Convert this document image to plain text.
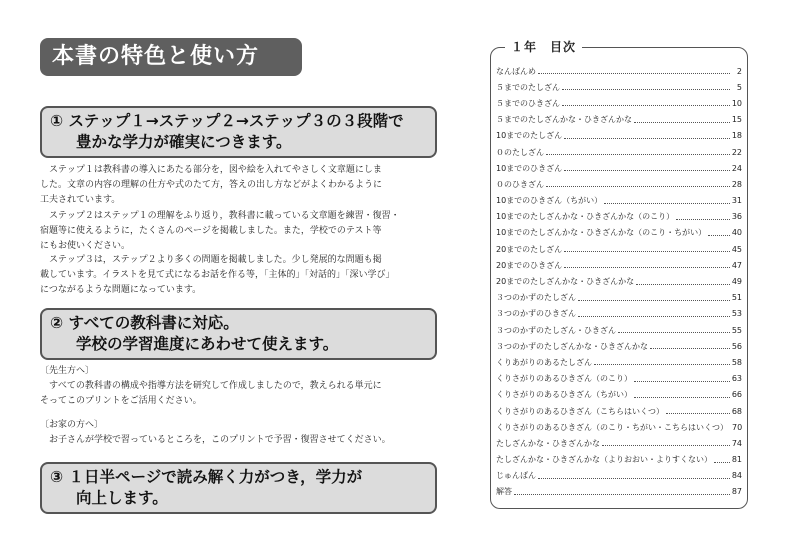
本書の特色と使い方
① ステップ１→ステップ２→ステップ３の３段階で
豊かな学力が確実につきます。
ステップ１は教科書の導入にあたる部分を，図や絵を入れてやさしく文章題にしま
した。文章の内容の理解の仕方や式のたて方，答えの出し方などがよくわかるように
工夫されています。
ステップ２はステップ１の理解をふり返り，教科書に載っている文章題を練習・復習・
宿題等に使えるように，たくさんのページを掲載しました。また，学校でのテスト等
にもお使いください。
ステップ３は，ステップ２より多くの問題を掲載しました。少し発展的な問題も掲
載しています。イラストを見て式になるお話を作る等，「主体的」「対話的」「深い学び」
につながるような問題になっています。
② すべての教科書に対応。
学校の学習進度にあわせて使えます。
〔先生方へ〕
すべての教科書の構成や指導方法を研究して作成しましたので，教えられる単元に
そってこのプリントをご活用ください。
〔お家の方へ〕
お子さんが学校で習っているところを，このプリントで予習・復習させてください。
③ １日半ページで読み解く力がつき，学力が
向上します。
１年　目次
なんばんめ	2
５までのたしざん	5
５までのひきざん	10
５までのたしざんかな・ひきざんかな	15
10までのたしざん	18
０のたしざん	22
10までのひきざん	24
０のひきざん	28
10までのひきざん（ちがい）	31
10までのたしざんかな・ひきざんかな（のこり）	36
10までのたしざんかな・ひきざんかな（のこり・ちがい）	40
20までのたしざん	45
20までのひきざん	47
20までのたしざんかな・ひきざんかな	49
３つのかずのたしざん	51
３つのかずのひきざん	53
３つのかずのたしざん・ひきざん	55
３つのかずのたしざんかな・ひきざんかな	56
くりあがりのあるたしざん	58
くりさがりのあるひきざん（のこり）	63
くりさがりのあるひきざん（ちがい）	66
くりさがりのあるひきざん（こちらはいくつ）	68
くりさがりのあるひきざん（のこり・ちがい・こちらはいくつ） 70
たしざんかな・ひきざんかな	74
たしざんかな・ひきざんかな（よりおおい・よりすくない） 81
じゅんばん	84
解答	87
